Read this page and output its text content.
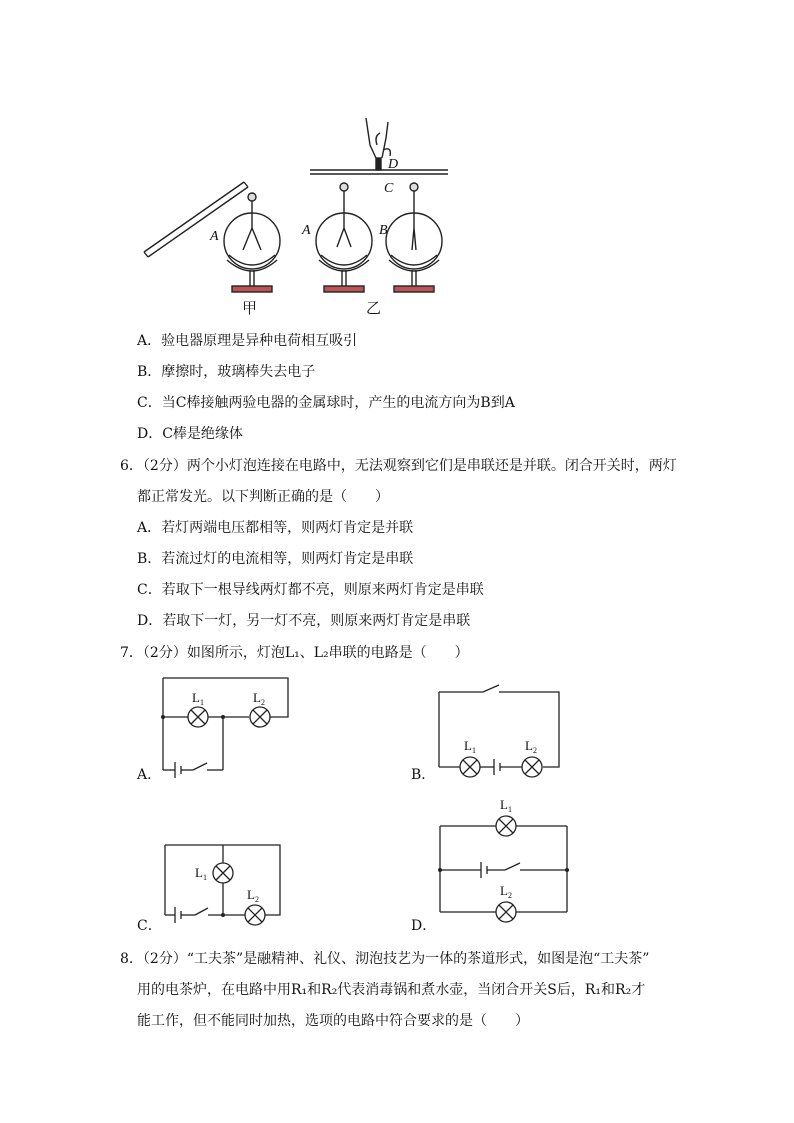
A	A	B
C
D
甲	乙
A．验电器原理是异种电荷相互吸引
B．摩擦时，玻璃棒失去电子
C．当C棒接触两验电器的金属球时，产生的电流方向为B到A
D．C棒是绝缘体
6．（2分）两个小灯泡连接在电路中，无法观察到它们是串联还是并联。闭合开关时，两灯
都正常发光。以下判断正确的是（　　）
A．若灯两端电压都相等，则两灯肯定是并联
B．若流过灯的电流相等，则两灯肯定是串联
C．若取下一根导线两灯都不亮，则原来两灯肯定是串联
D．若取下一灯，另一灯不亮，则原来两灯肯定是串联
7．（2分）如图所示，灯泡L₁、L₂串联的电路是（　　）
$L_1$	$L_2$
A．
$L_1$	$L_2$
B．
$L_1$
$L_2$
C．
$L_1$
$L_2$
D．
8．（2分）“工夫茶”是融精神、礼仪、沏泡技艺为一体的茶道形式，如图是泡“工夫茶”
用的电茶炉，在电路中用R₁和R₂代表消毒锅和煮水壶，当闭合开关S后，R₁和R₂才
能工作，但不能同时加热，选项的电路中符合要求的是（　　）
